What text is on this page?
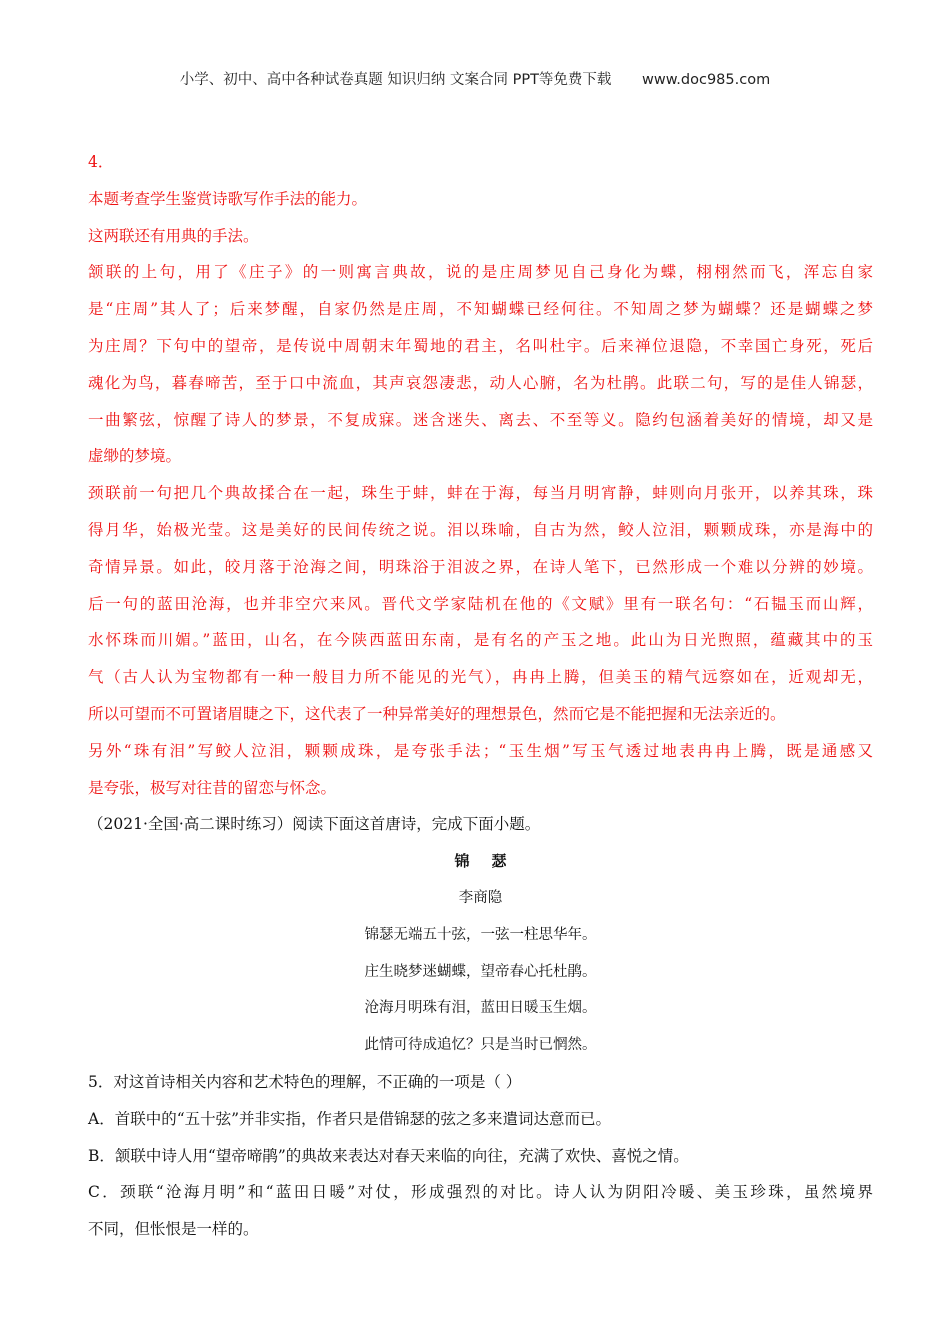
小学、初中、高中各种试卷真题 知识归纳 文案合同 PPT等免费下载 www.doc985.com
4．
本题考查学生鉴赏诗歌写作手法的能力。
这两联还有用典的手法。
颔联的上句，用了《庄子》的一则寓言典故，说的是庄周梦见自己身化为蝶，栩栩然而飞，浑忘自家
是“庄周”其人了；后来梦醒，自家仍然是庄周，不知蝴蝶已经何往。不知周之梦为蝴蝶？还是蝴蝶之梦
为庄周？下句中的望帝，是传说中周朝末年蜀地的君主，名叫杜宇。后来禅位退隐，不幸国亡身死，死后
魂化为鸟，暮春啼苦，至于口中流血，其声哀怨凄悲，动人心腑，名为杜鹃。此联二句，写的是佳人锦瑟，
一曲繁弦，惊醒了诗人的梦景，不复成寐。迷含迷失、离去、不至等义。隐约包涵着美好的情境，却又是
虚缈的梦境。
颈联前一句把几个典故揉合在一起，珠生于蚌，蚌在于海，每当月明宵静，蚌则向月张开，以养其珠，珠
得月华，始极光莹。这是美好的民间传统之说。泪以珠喻，自古为然，鲛人泣泪，颗颗成珠，亦是海中的
奇情异景。如此，皎月落于沧海之间，明珠浴于泪波之界，在诗人笔下，已然形成一个难以分辨的妙境。
后一句的蓝田沧海，也并非空穴来风。晋代文学家陆机在他的《文赋》里有一联名句：“石韫玉而山辉，
水怀珠而川媚。”蓝田，山名，在今陕西蓝田东南，是有名的产玉之地。此山为日光煦照，蕴藏其中的玉
气（古人认为宝物都有一种一般目力所不能见的光气），冉冉上腾，但美玉的精气远察如在，近观却无，
所以可望而不可置诸眉睫之下，这代表了一种异常美好的理想景色，然而它是不能把握和无法亲近的。
另外“珠有泪”写鲛人泣泪，颗颗成珠，是夸张手法；“玉生烟”写玉气透过地表冉冉上腾，既是通感又
是夸张，极写对往昔的留恋与怀念。
（2021·全国·高二课时练习）阅读下面这首唐诗，完成下面小题。
锦瑟
李商隐
锦瑟无端五十弦，一弦一柱思华年。
庄生晓梦迷蝴蝶，望帝春心托杜鹃。
沧海月明珠有泪，蓝田日暖玉生烟。
此情可待成追忆？只是当时已惘然。
5．对这首诗相关内容和艺术特色的理解，不正确的一项是（ ）
A．首联中的“五十弦”并非实指，作者只是借锦瑟的弦之多来遣词达意而已。
B．颔联中诗人用“望帝啼鹃”的典故来表达对春天来临的向往，充满了欢快、喜悦之情。
C．颈联“沧海月明”和“蓝田日暖”对仗，形成强烈的对比。诗人认为阴阳冷暖、美玉珍珠，虽然境界
不同，但怅恨是一样的。
